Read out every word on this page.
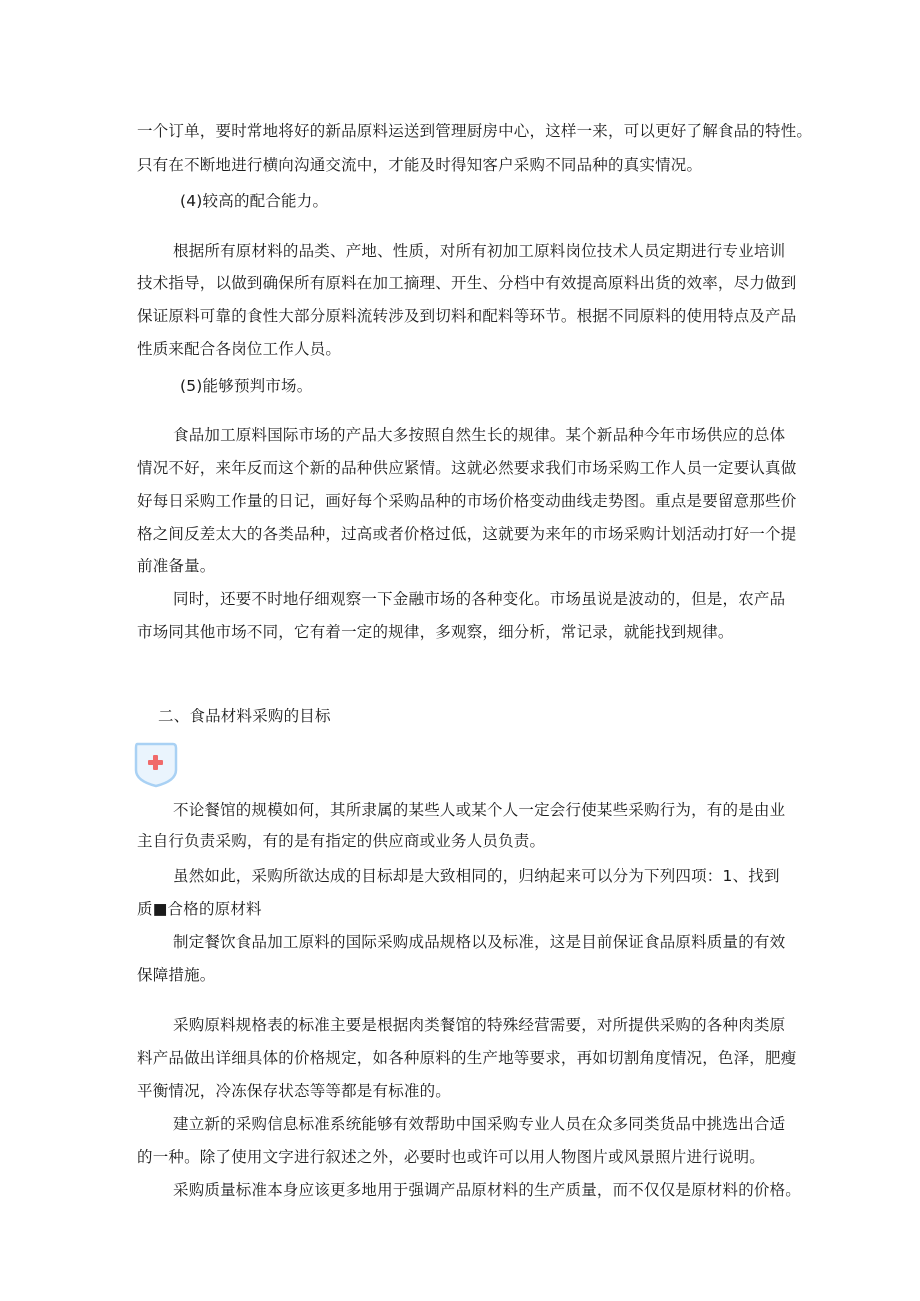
一个订单，要时常地将好的新品原料运送到管理厨房中心，这样一来，可以更好了解食品的特性。
只有在不断地进行横向沟通交流中，才能及时得知客户采购不同品种的真实情况。
(4)较高的配合能力。
根据所有原材料的品类、产地、性质，对所有初加工原料岗位技术人员定期进行专业培训
技术指导，以做到确保所有原料在加工摘理、开生、分档中有效提高原料出货的效率，尽力做到
保证原料可靠的食性大部分原料流转涉及到切料和配料等环节。根据不同原料的使用特点及产品
性质来配合各岗位工作人员。
(5)能够预判市场。
食品加工原料国际市场的产品大多按照自然生长的规律。某个新品种今年市场供应的总体
情况不好，来年反而这个新的品种供应紧情。这就必然要求我们市场采购工作人员一定要认真做
好每日采购工作量的日记，画好每个采购品种的市场价格变动曲线走势图。重点是要留意那些价
格之间反差太大的各类品种，过高或者价格过低，这就要为来年的市场采购计划活动打好一个提
前准备量。
同时，还要不时地仔细观察一下金融市场的各种变化。市场虽说是波动的，但是，农产品
市场同其他市场不同，它有着一定的规律，多观察，细分析，常记录，就能找到规律。
二、食品材料采购的目标
不论餐馆的规模如何，其所隶属的某些人或某个人一定会行使某些采购行为，有的是由业
主自行负责采购，有的是有指定的供应商或业务人员负责。
虽然如此，采购所欲达成的目标却是大致相同的，归纳起来可以分为下列四项：1、找到
质■合格的原材料
制定餐饮食品加工原料的国际采购成品规格以及标准，这是目前保证食品原料质量的有效
保障措施。
采购原料规格表的标准主要是根据肉类餐馆的特殊经营需要，对所提供采购的各种肉类原
料产品做出详细具体的价格规定，如各种原料的生产地等要求，再如切割角度情况，色泽，肥瘦
平衡情况，冷冻保存状态等等都是有标准的。
建立新的采购信息标准系统能够有效帮助中国采购专业人员在众多同类货品中挑选出合适
的一种。除了使用文字进行叙述之外，必要时也或许可以用人物图片或风景照片进行说明。
采购质量标准本身应该更多地用于强调产品原材料的生产质量，而不仅仅是原材料的价格。
